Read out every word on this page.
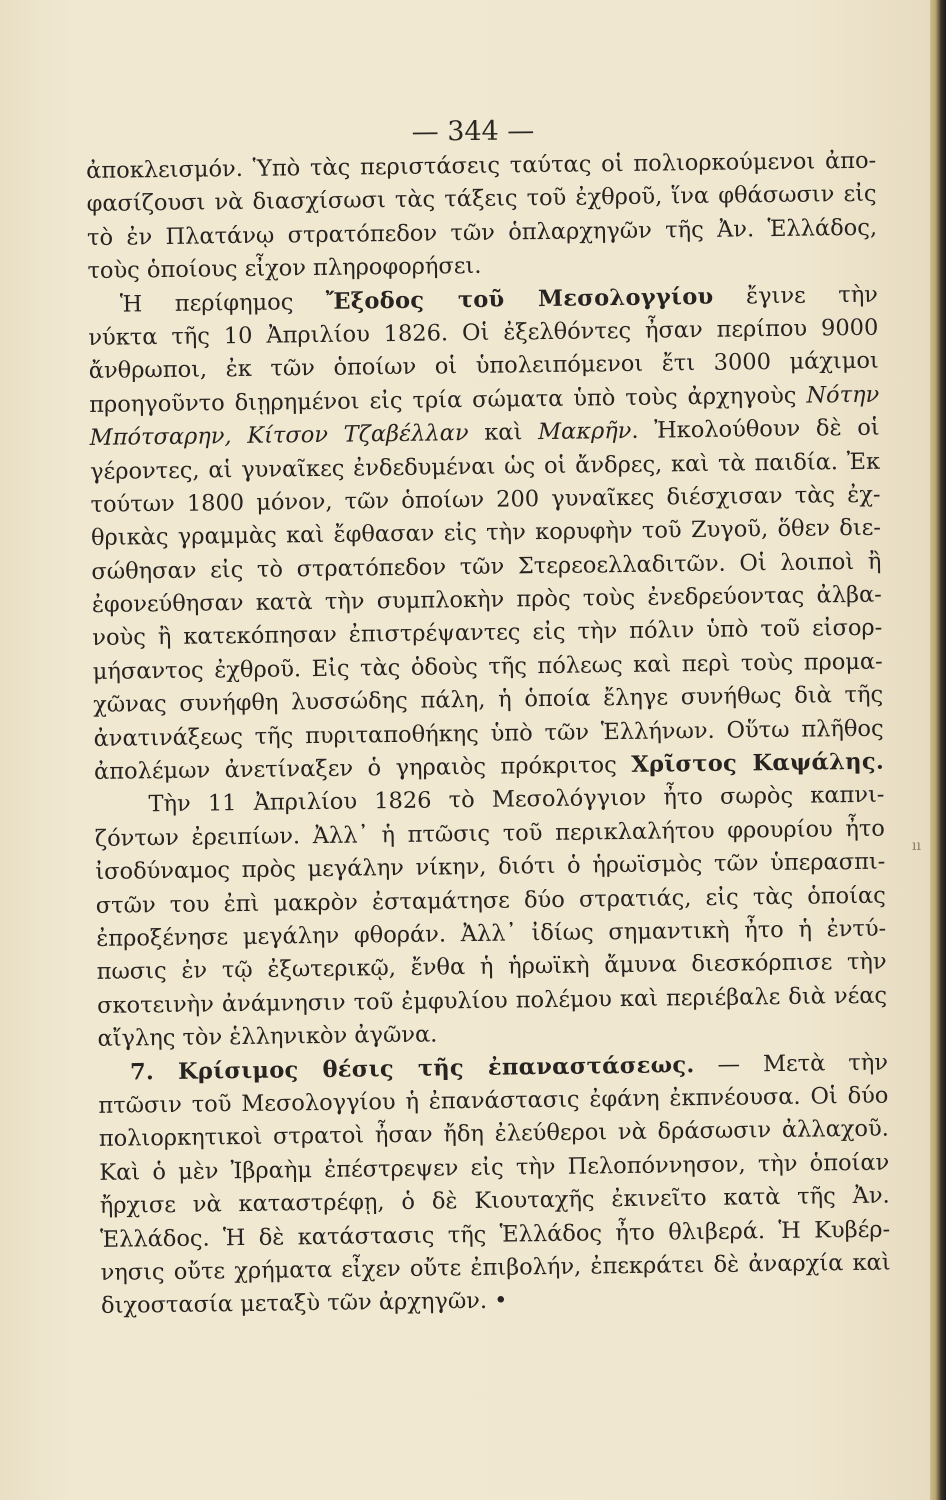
— 344 —
ἀποκλεισμόν. Ὑπὸ τὰς περιστάσεις ταύτας οἱ πολιορκούμενοι ἀπο-
φασίζουσι νὰ διασχίσωσι τὰς τάξεις τοῦ ἐχθροῦ, ἵνα φθάσωσιν εἰς
τὸ ἐν Πλατάνῳ στρατόπεδον τῶν ὁπλαρχηγῶν τῆς Ἀν. Ἑλλάδος,
τοὺς ὁποίους εἶχον πληροφορήσει.
Ἡ περίφημος Ἔξοδος τοῦ Μεσολογγίου ἔγινε τὴν
νύκτα τῆς 10 Ἀπριλίου 1826. Οἱ ἐξελθόντες ἦσαν περίπου 9000
ἄνθρωποι, ἐκ τῶν ὁποίων οἱ ὑπολειπόμενοι ἔτι 3000 μάχιμοι
προηγοῦντο διῃρημένοι εἰς τρία σώματα ὑπὸ τοὺς ἀρχηγοὺς Νότην
Μπότσαρην, Κίτσον Τζαβέλλαν καὶ Μακρῆν. Ἠκολούθουν δὲ οἱ
γέροντες, αἱ γυναῖκες ἐνδεδυμέναι ὡς οἱ ἄνδρες, καὶ τὰ παιδία. Ἐκ
τούτων 1800 μόνον, τῶν ὁποίων 200 γυναῖκες διέσχισαν τὰς ἐχ-
θρικὰς γραμμὰς καὶ ἔφθασαν εἰς τὴν κορυφὴν τοῦ Ζυγοῦ, ὅθεν διε-
σώθησαν εἰς τὸ στρατόπεδον τῶν Στερεοελλαδιτῶν. Οἱ λοιποὶ ἢ
ἐφονεύθησαν κατὰ τὴν συμπλοκὴν πρὸς τοὺς ἐνεδρεύοντας ἀλβα-
νοὺς ἢ κατεκόπησαν ἐπιστρέψαντες εἰς τὴν πόλιν ὑπὸ τοῦ εἰσορ-
μήσαντος ἐχθροῦ. Εἰς τὰς ὁδοὺς τῆς πόλεως καὶ περὶ τοὺς προμα-
χῶνας συνήφθη λυσσώδης πάλη, ἡ ὁποία ἔληγε συνήθως διὰ τῆς
ἀνατινάξεως τῆς πυριταποθήκης ὑπὸ τῶν Ἑλλήνων. Οὕτω πλῆθος
ἀπολέμων ἀνετίναξεν ὁ γηραιὸς πρόκριτος Χρῖστος Καψάλης.
Τὴν 11 Ἀπριλίου 1826 τὸ Μεσολόγγιον ἦτο σωρὸς καπνι-
ζόντων ἐρειπίων. Ἀλλ᾽ ἡ πτῶσις τοῦ περικλαλήτου φρουρίου ἦτο
ἰσοδύναμος πρὸς μεγάλην νίκην, διότι ὁ ἡρωϊσμὸς τῶν ὑπερασπι-
στῶν του ἐπὶ μακρὸν ἐσταμάτησε δύο στρατιάς, εἰς τὰς ὁποίας
ἐπροξένησε μεγάλην φθοράν. Ἀλλ᾽ ἰδίως σημαντικὴ ἦτο ἡ ἐντύ-
πωσις ἐν τῷ ἐξωτερικῷ, ἔνθα ἡ ἡρωϊκὴ ἄμυνα διεσκόρπισε τὴν
σκοτεινὴν ἀνάμνησιν τοῦ ἐμφυλίου πολέμου καὶ περιέβαλε διὰ νέας
αἴγλης τὸν ἑλληνικὸν ἀγῶνα.
7. Κρίσιμος θέσις τῆς ἐπαναστάσεως. — Μετὰ τὴν
πτῶσιν τοῦ Μεσολογγίου ἡ ἐπανάστασις ἐφάνη ἐκπνέουσα. Οἱ δύο
πολιορκητικοὶ στρατοὶ ἦσαν ἤδη ἐλεύθεροι νὰ δράσωσιν ἀλλαχοῦ.
Καὶ ὁ μὲν Ἰβραὴμ ἐπέστρεψεν εἰς τὴν Πελοπόννησον, τὴν ὁποίαν
ἤρχισε νὰ καταστρέφῃ, ὁ δὲ Κιουταχῆς ἐκινεῖτο κατὰ τῆς Ἀν.
Ἑλλάδος. Ἡ δὲ κατάστασις τῆς Ἑλλάδος ἦτο θλιβερά. Ἡ Κυβέρ-
νησις οὔτε χρήματα εἶχεν οὔτε ἐπιβολήν, ἐπεκράτει δὲ ἀναρχία καὶ
διχοστασία μεταξὺ τῶν ἀρχηγῶν. •
ıı
